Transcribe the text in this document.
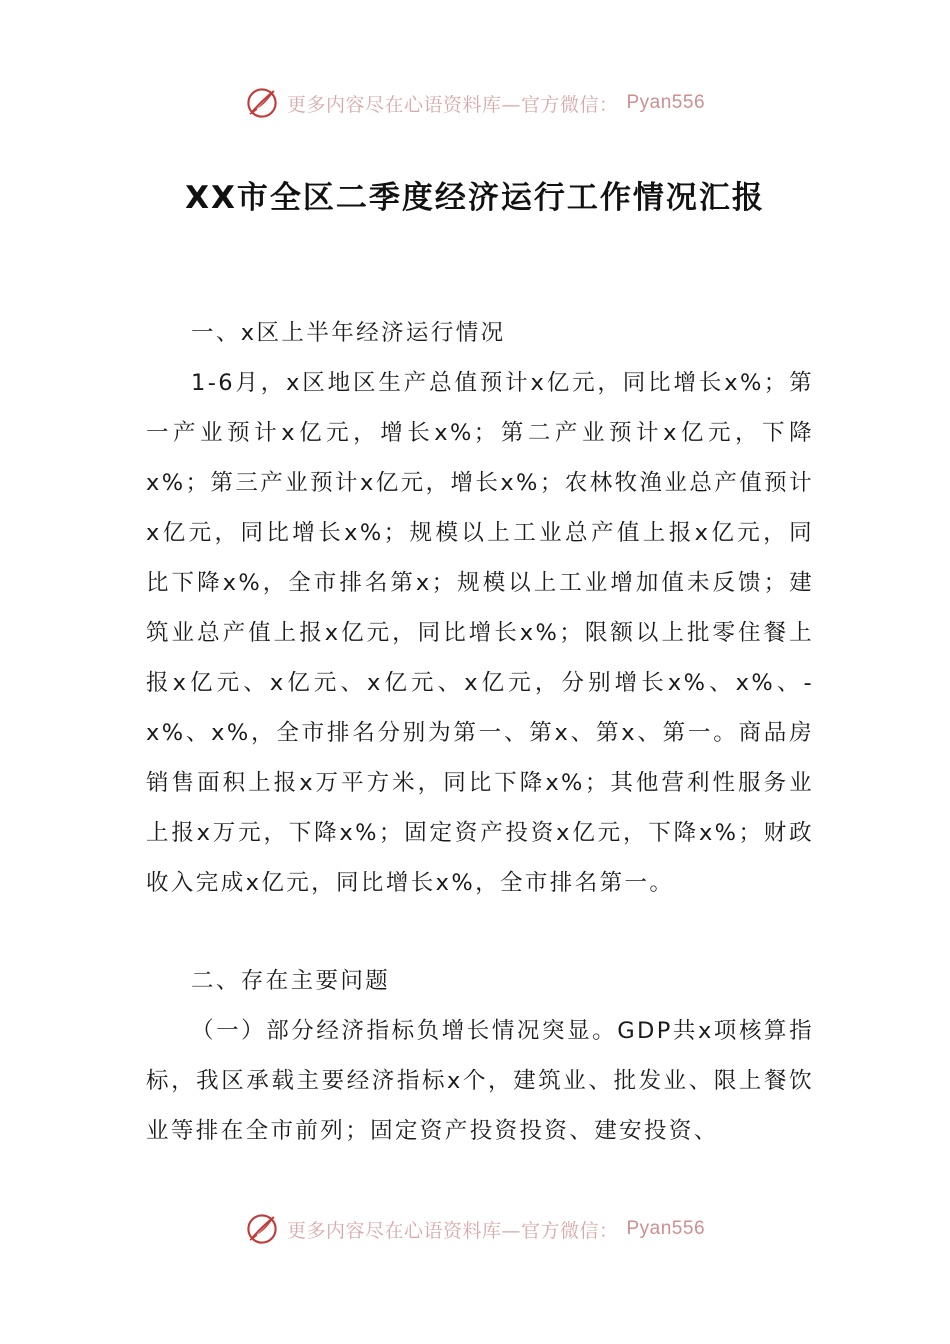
更多内容尽在心语资料库—官方微信： Pyan556
XX市全区二季度经济运行工作情况汇报

一、x区上半年经济运行情况

1-6月，x区地区生产总值预计x亿元，同比增长x%；第一产业预计x亿元，增长x%；第二产业预计x亿元，下降x%；第三产业预计x亿元，增长x%；农林牧渔业总产值预计x亿元，同比增长x%；规模以上工业总产值上报x亿元，同比下降x%，全市排名第x；规模以上工业增加值未反馈；建筑业总产值上报x亿元，同比增长x%；限额以上批零住餐上报x亿元、x亿元、x亿元、x亿元，分别增长x%、x%、-x%、x%，全市排名分别为第一、第x、第x、第一。商品房销售面积上报x万平方米，同比下降x%；其他营利性服务业上报x万元，下降x%；固定资产投资x亿元，下降x%；财政收入完成x亿元，同比增长x%，全市排名第一。

二、存在主要问题

（一）部分经济指标负增长情况突显。GDP共x项核算指标，我区承载主要经济指标x个，建筑业、批发业、限上餐饮业等排在全市前列；固定资产投资投资、建安投资、

更多内容尽在心语资料库—官方微信： Pyan556
